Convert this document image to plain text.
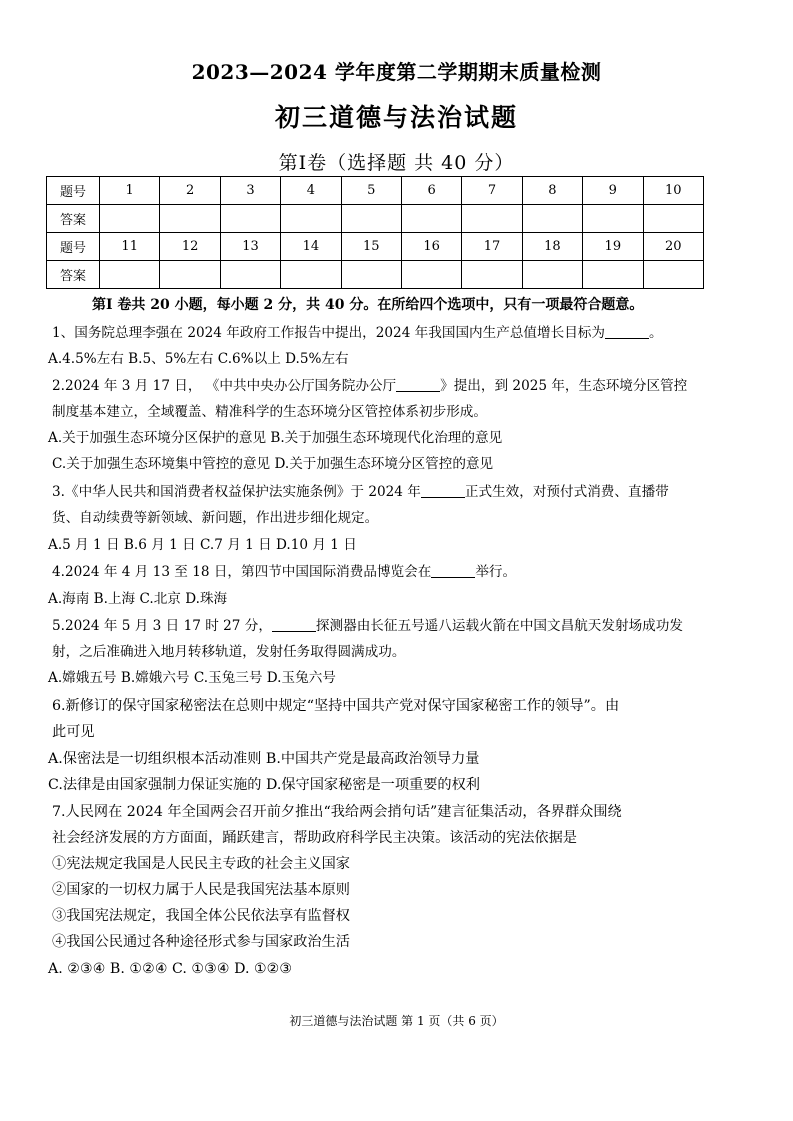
2023—2024 学年度第二学期期末质量检测
初三道德与法治试题
第Ⅰ卷（选择题 共 40 分）
题号	1	2	3	4	5	6	7	8	9	10
答案										
题号	11	12	13	14	15	16	17	18	19	20
答案										
第Ⅰ 卷共 20 小题，每小题 2 分，共 40 分。在所给四个选项中，只有一项最符合题意。
1、国务院总理李强在 2024 年政府工作报告中提出，2024 年我国国内生产总值增长目标为	。
A.4.5%左右 B.5、5%左右 C.6%以上 D.5%左右
2.2024 年 3 月 17 日， 《中共中央办公厅国务院办公厅	》提出，到 2025 年，生态环境分区管控
制度基本建立，全域覆盖、精准科学的生态环境分区管控体系初步形成。
A.关于加强生态环境分区保护的意见 B.关于加强生态环境现代化治理的意见
C.关于加强生态环境集中管控的意见 D.关于加强生态环境分区管控的意见
3.《中华人民共和国消费者权益保护法实施条例》于 2024 年	正式生效，对预付式消费、直播带
货、自动续费等新领域、新问题，作出进步细化规定。
A.5 月 1 日 B.6 月 1 日 C.7 月 1 日 D.10 月 1 日
4.2024 年 4 月 13 至 18 日，第四节中国国际消费品博览会在	举行。
A.海南 B.上海 C.北京 D.珠海
5.2024 年 5 月 3 日 17 时 27 分，	探测器由长征五号遥八运载火箭在中国文昌航天发射场成功发
射，之后准确进入地月转移轨道，发射任务取得圆满成功。
A.嫦娥五号 B.嫦娥六号 C.玉兔三号 D.玉兔六号
6.新修订的保守国家秘密法在总则中规定“坚持中国共产党对保守国家秘密工作的领导”。由
此可见
A.保密法是一切组织根本活动准则 B.中国共产党是最高政治领导力量
C.法律是由国家强制力保证实施的 D.保守国家秘密是一项重要的权利
7.人民网在 2024 年全国两会召开前夕推出“我给两会捎句话”建言征集活动，各界群众围绕
社会经济发展的方方面面，踊跃建言，帮助政府科学民主决策。该活动的宪法依据是
①宪法规定我国是人民民主专政的社会主义国家
②国家的一切权力属于人民是我国宪法基本原则
③我国宪法规定，我国全体公民依法享有监督权
④我国公民通过各种途径形式参与国家政治生活
A. ②③④ B. ①②④ C. ①③④ D. ①②③
初三道德与法治试题 第 1 页（共 6 页）
